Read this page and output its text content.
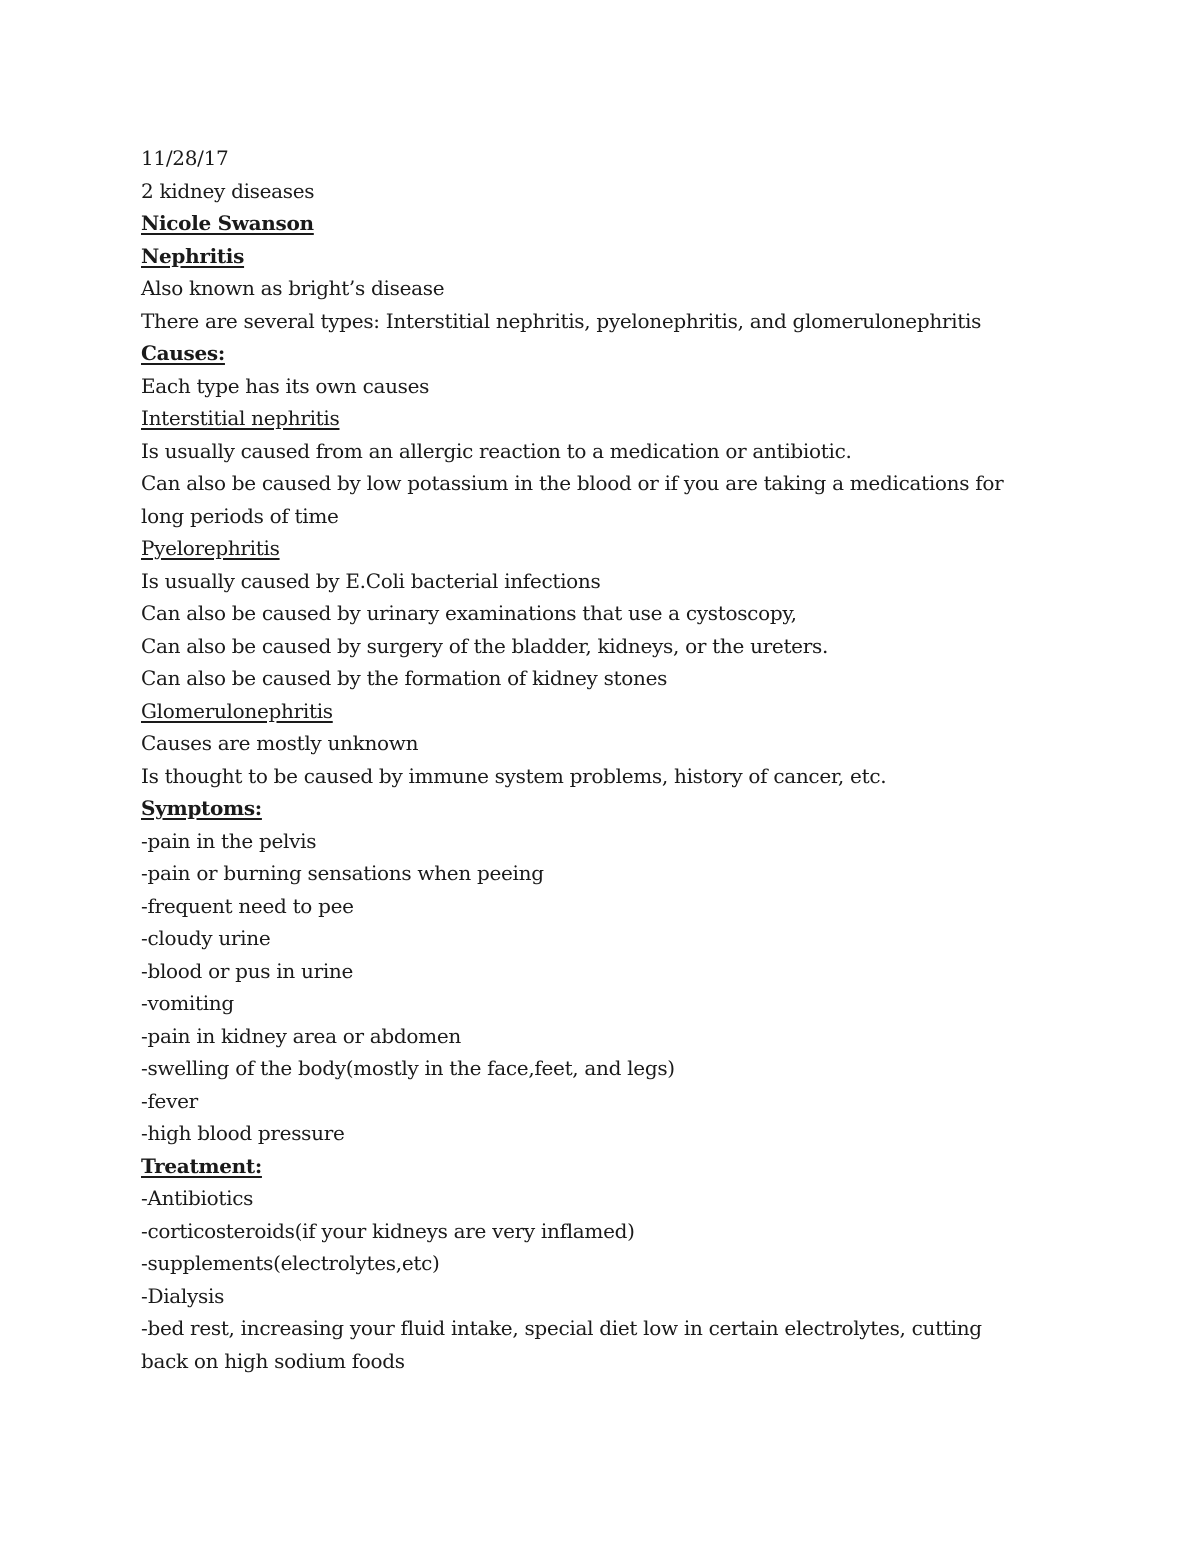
11/28/17
2 kidney diseases
Nicole Swanson
Nephritis
Also known as bright’s disease
There are several types: Interstitial nephritis, pyelonephritis, and glomerulonephritis
Causes:
Each type has its own causes
Interstitial nephritis
Is usually caused from an allergic reaction to a medication or antibiotic.
Can also be caused by low potassium in the blood or if you are taking a medications for long periods of time
Pyelorephritis
Is usually caused by E.Coli bacterial infections
Can also be caused by urinary examinations that use a cystoscopy,
Can also be caused by surgery of the bladder, kidneys, or the ureters.
Can also be caused by the formation of kidney stones
Glomerulonephritis
Causes are mostly unknown
Is thought to be caused by immune system problems, history of cancer, etc.
Symptoms:
-pain in the pelvis
-pain or burning sensations when peeing
-frequent need to pee
-cloudy urine
-blood or pus in urine
-vomiting
-pain in kidney area or abdomen
-swelling of the body(mostly in the face,feet, and legs)
-fever
-high blood pressure
Treatment:
-Antibiotics
-corticosteroids(if your kidneys are very inflamed)
-supplements(electrolytes,etc)
-Dialysis
-bed rest, increasing your fluid intake, special diet low in certain electrolytes, cutting back on high sodium foods
